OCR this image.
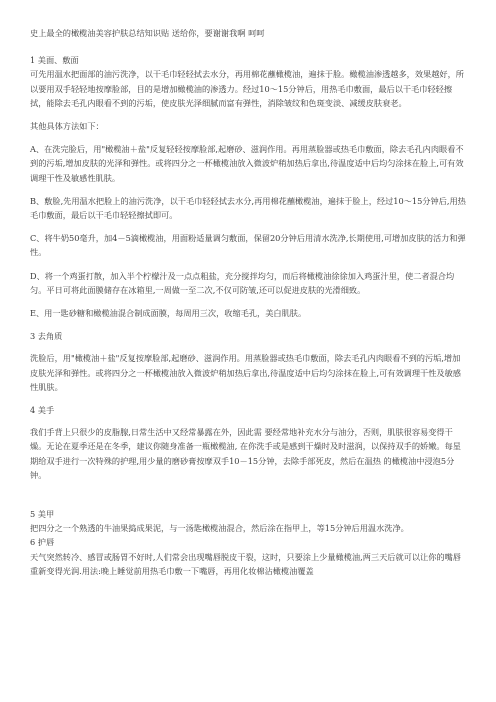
史上最全的橄榄油美容护肤总结知识贴 送给你，要谢谢我啊 呵呵

1 美面、敷面

可先用温水把面部的油污洗净，以干毛巾轻轻拭去水分，再用棉花蘸橄榄油，遍抹于脸。橄榄油渗透越多，效果越好，所以要用双手轻轻地按摩脸部，目的是增加橄榄油的渗透力。经过10～15分钟后，用热毛巾敷面，最后以干毛巾轻轻擦拭，能除去毛孔内眼看不到的污垢，使皮肤光泽细腻而富有弹性，消除皱纹和色斑变淡、减缓皮肤衰老。

其他具体方法如下：

A、在洗完脸后，用"橄榄油＋盐"反复轻轻按摩脸部,起磨砂、滋润作用。再用蒸脸器或热毛巾敷面，除去毛孔内肉眼看不到的污垢,增加皮肤的光泽和弹性。或将四分之一杯橄榄油放入微波炉稍加热后拿出,待温度适中后均匀涂抹在脸上,可有效调理干性及敏感性肌肤。

B、敷脸,先用温水把脸上的油污洗净，以干毛巾轻轻拭去水分,再用棉花蘸橄榄油，遍抹于脸上，经过10～15分钟后,用热毛巾敷面，最后以干毛巾轻轻擦拭即可。

C、将牛奶50毫升，加4－5滴橄榄油，用面粉适量调匀敷面，保留20分钟后用清水洗净,长期使用,可增加皮肤的活力和弹性。

D、将一个鸡蛋打散，加入半个柠檬汁及一点点粗盐，充分搅拌均匀，而后将橄榄油徐徐加入鸡蛋汁里，使二者混合均匀。平日可将此面膜储存在冰箱里,一周做一至二次,不仅可防皱,还可以促进皮肤的光滑细致。

E、用一匙砂糖和橄榄油混合制成面膜，每周用三次，收缩毛孔，美白肌肤。

3 去角质

洗脸后，用"橄榄油＋盐"反复按摩脸部,起磨砂、滋润作用。用蒸脸器或热毛巾敷面，除去毛孔内肉眼看不到的污垢,增加皮肤光泽和弹性。或将四分之一杯橄榄油放入微波炉稍加热后拿出,待温度适中后均匀涂抹在脸上,可有效调理干性及敏感性肌肤。

4 美手

我们手背上只很少的皮脂腺,日常生活中又经常暴露在外，因此需 要经常地补充水分与油分，否则，肌肤很容易变得干燥。无论在夏季还是在冬季，建议你随身准备一瓶橄榄油, 在你洗手或是感到干燥时及时滋润，以保持双手的娇嫩。每星期给双手进行一次特殊的护理,用少量的磨砂膏按摩双手10－15分钟，去除手部死皮，然后在温热 的橄榄油中浸泡5分钟。

5 美甲

把四分之一个熟透的牛油果捣成果泥，与一汤匙橄榄油混合，然后涂在指甲上，等15分钟后用温水洗净。

6 护唇

天气突然转冷、感冒或肠胃不好时,人们常会出现嘴唇脱皮干裂，这时，只要涂上少量橄榄油,两三天后就可以让你的嘴唇重新变得光润.用法:晚上睡觉前用热毛巾敷一下嘴唇，再用化妆棉沾橄榄油覆盖
